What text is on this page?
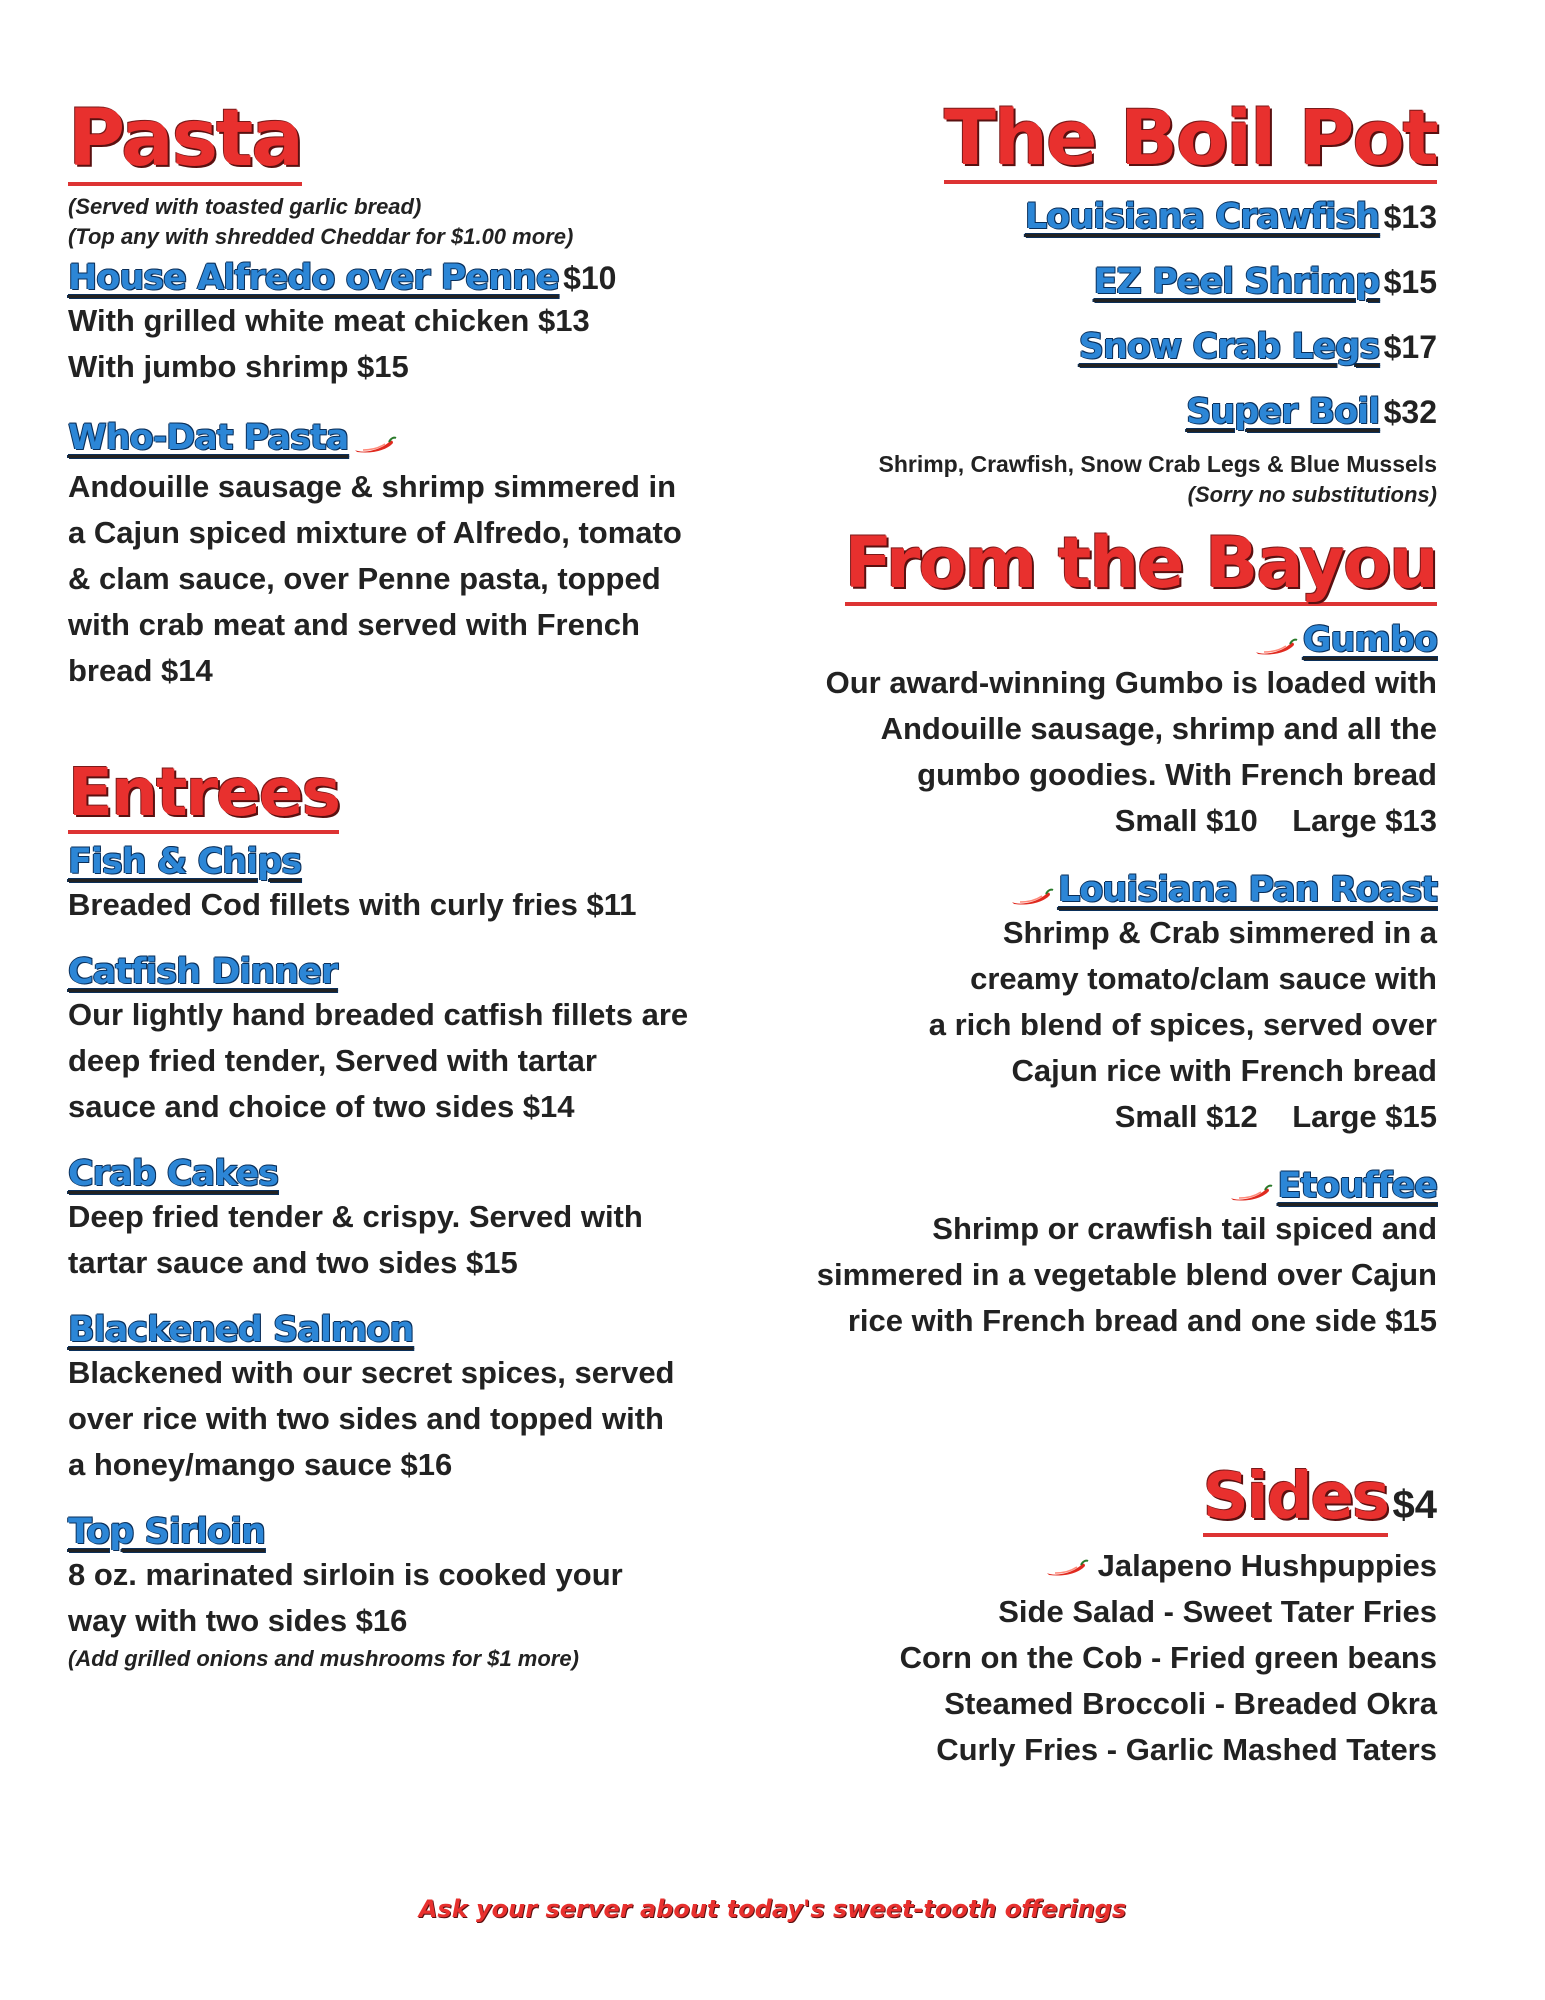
Pasta
(Served with toasted garlic bread)
(Top any with shredded Cheddar for $1.00 more)
House Alfredo over Penne $10
With grilled white meat chicken $13
With jumbo shrimp $15
Who-Dat Pasta
Andouille sausage & shrimp simmered in
a Cajun spiced mixture of Alfredo, tomato
& clam sauce, over Penne pasta, topped
with crab meat and served with French
bread $14
Entrees
Fish & Chips
Breaded Cod fillets with curly fries $11
Catfish Dinner
Our lightly hand breaded catfish fillets are
deep fried tender, Served with tartar
sauce and choice of two sides $14
Crab Cakes
Deep fried tender & crispy. Served with
tartar sauce and two sides $15
Blackened Salmon
Blackened with our secret spices, served
over rice with two sides and topped with
a honey/mango sauce $16
Top Sirloin
8 oz. marinated sirloin is cooked your
way with two sides $16
(Add grilled onions and mushrooms for $1 more)
The Boil Pot
Louisiana Crawfish $13
EZ Peel Shrimp $15
Snow Crab Legs $17
Super Boil $32
Shrimp, Crawfish, Snow Crab Legs & Blue Mussels
(Sorry no substitutions)
From the Bayou
Gumbo
Our award-winning Gumbo is loaded with
Andouille sausage, shrimp and all the
gumbo goodies. With French bread
Small $10    Large $13
Louisiana Pan Roast
Shrimp & Crab simmered in a
creamy tomato/clam sauce with
a rich blend of spices, served over
Cajun rice with French bread
Small $12    Large $15
Etouffee
Shrimp or crawfish tail spiced and
simmered in a vegetable blend over Cajun
rice with French bread and one side $15
Sides $4
Jalapeno Hushpuppies
Side Salad - Sweet Tater Fries
Corn on the Cob - Fried green beans
Steamed Broccoli - Breaded Okra
Curly Fries - Garlic Mashed Taters
Ask your server about today's sweet-tooth offerings
